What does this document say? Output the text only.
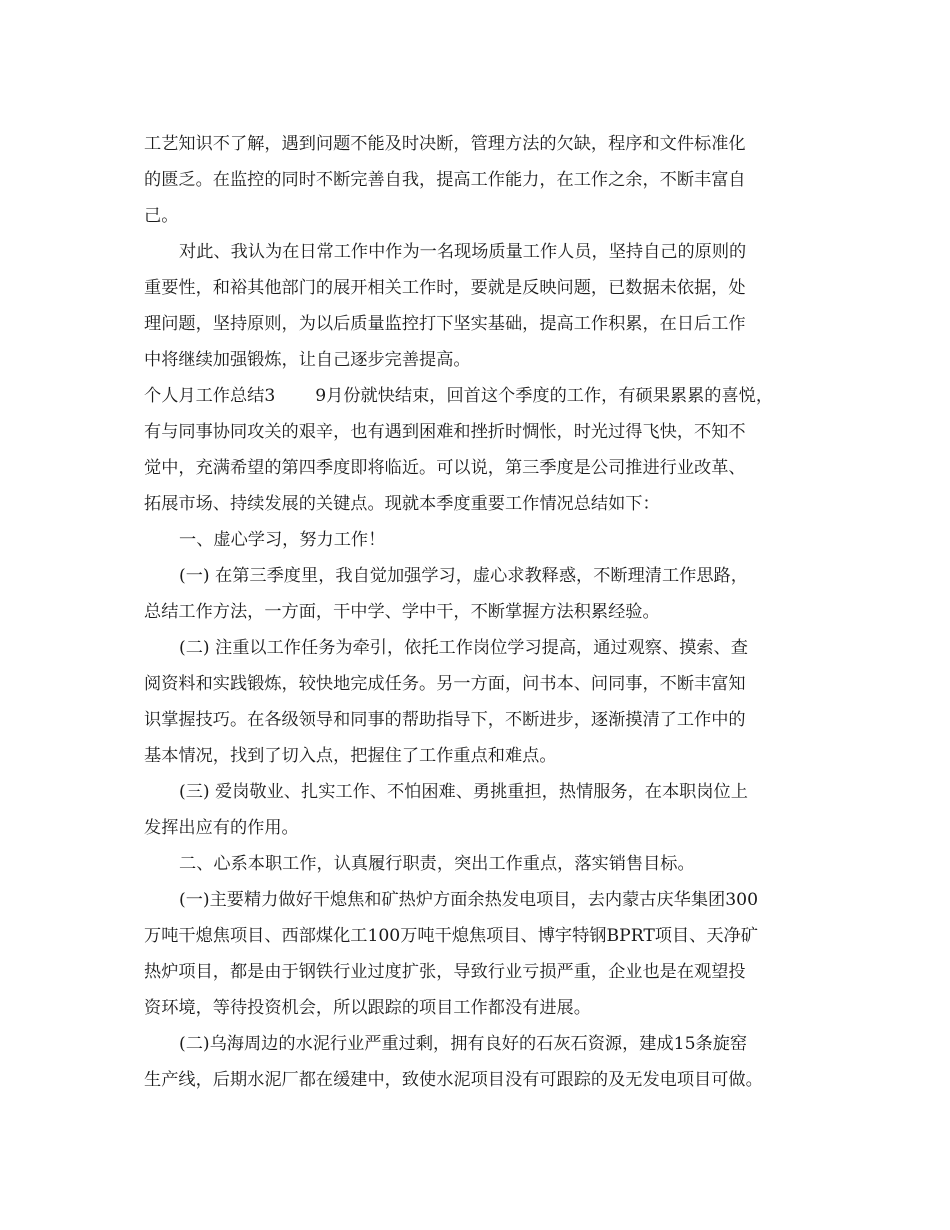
工艺知识不了解，遇到问题不能及时决断，管理方法的欠缺，程序和文件标准化
的匮乏。在监控的同时不断完善自我，提高工作能力，在工作之余，不断丰富自
己。
对此、我认为在日常工作中作为一名现场质量工作人员，坚持自己的原则的
重要性，和裕其他部门的展开相关工作时，要就是反映问题，已数据未依据，处
理问题，坚持原则，为以后质量监控打下坚实基础，提高工作积累，在日后工作
中将继续加强锻炼，让自己逐步完善提高。
个人月工作总结3 9月份就快结束，回首这个季度的工作，有硕果累累的喜悦，
有与同事协同攻关的艰辛，也有遇到困难和挫折时惆怅，时光过得飞快，不知不
觉中，充满希望的第四季度即将临近。可以说，第三季度是公司推进行业改革、
拓展市场、持续发展的关键点。现就本季度重要工作情况总结如下：
一、虚心学习，努力工作！
(一) 在第三季度里，我自觉加强学习，虚心求教释惑，不断理清工作思路，
总结工作方法，一方面，干中学、学中干，不断掌握方法积累经验。
(二) 注重以工作任务为牵引，依托工作岗位学习提高，通过观察、摸索、查
阅资料和实践锻炼，较快地完成任务。另一方面，问书本、问同事，不断丰富知
识掌握技巧。在各级领导和同事的帮助指导下，不断进步，逐渐摸清了工作中的
基本情况，找到了切入点，把握住了工作重点和难点。
(三) 爱岗敬业、扎实工作、不怕困难、勇挑重担，热情服务，在本职岗位上
发挥出应有的作用。
二、心系本职工作，认真履行职责，突出工作重点，落实销售目标。
(一)主要精力做好干熄焦和矿热炉方面余热发电项目，去内蒙古庆华集团300
万吨干熄焦项目、西部煤化工100万吨干熄焦项目、博宇特钢BPRT项目、天净矿
热炉项目，都是由于钢铁行业过度扩张，导致行业亏损严重，企业也是在观望投
资环境，等待投资机会，所以跟踪的项目工作都没有进展。
(二)乌海周边的水泥行业严重过剩，拥有良好的石灰石资源，建成15条旋窑
生产线，后期水泥厂都在缓建中，致使水泥项目没有可跟踪的及无发电项目可做。
